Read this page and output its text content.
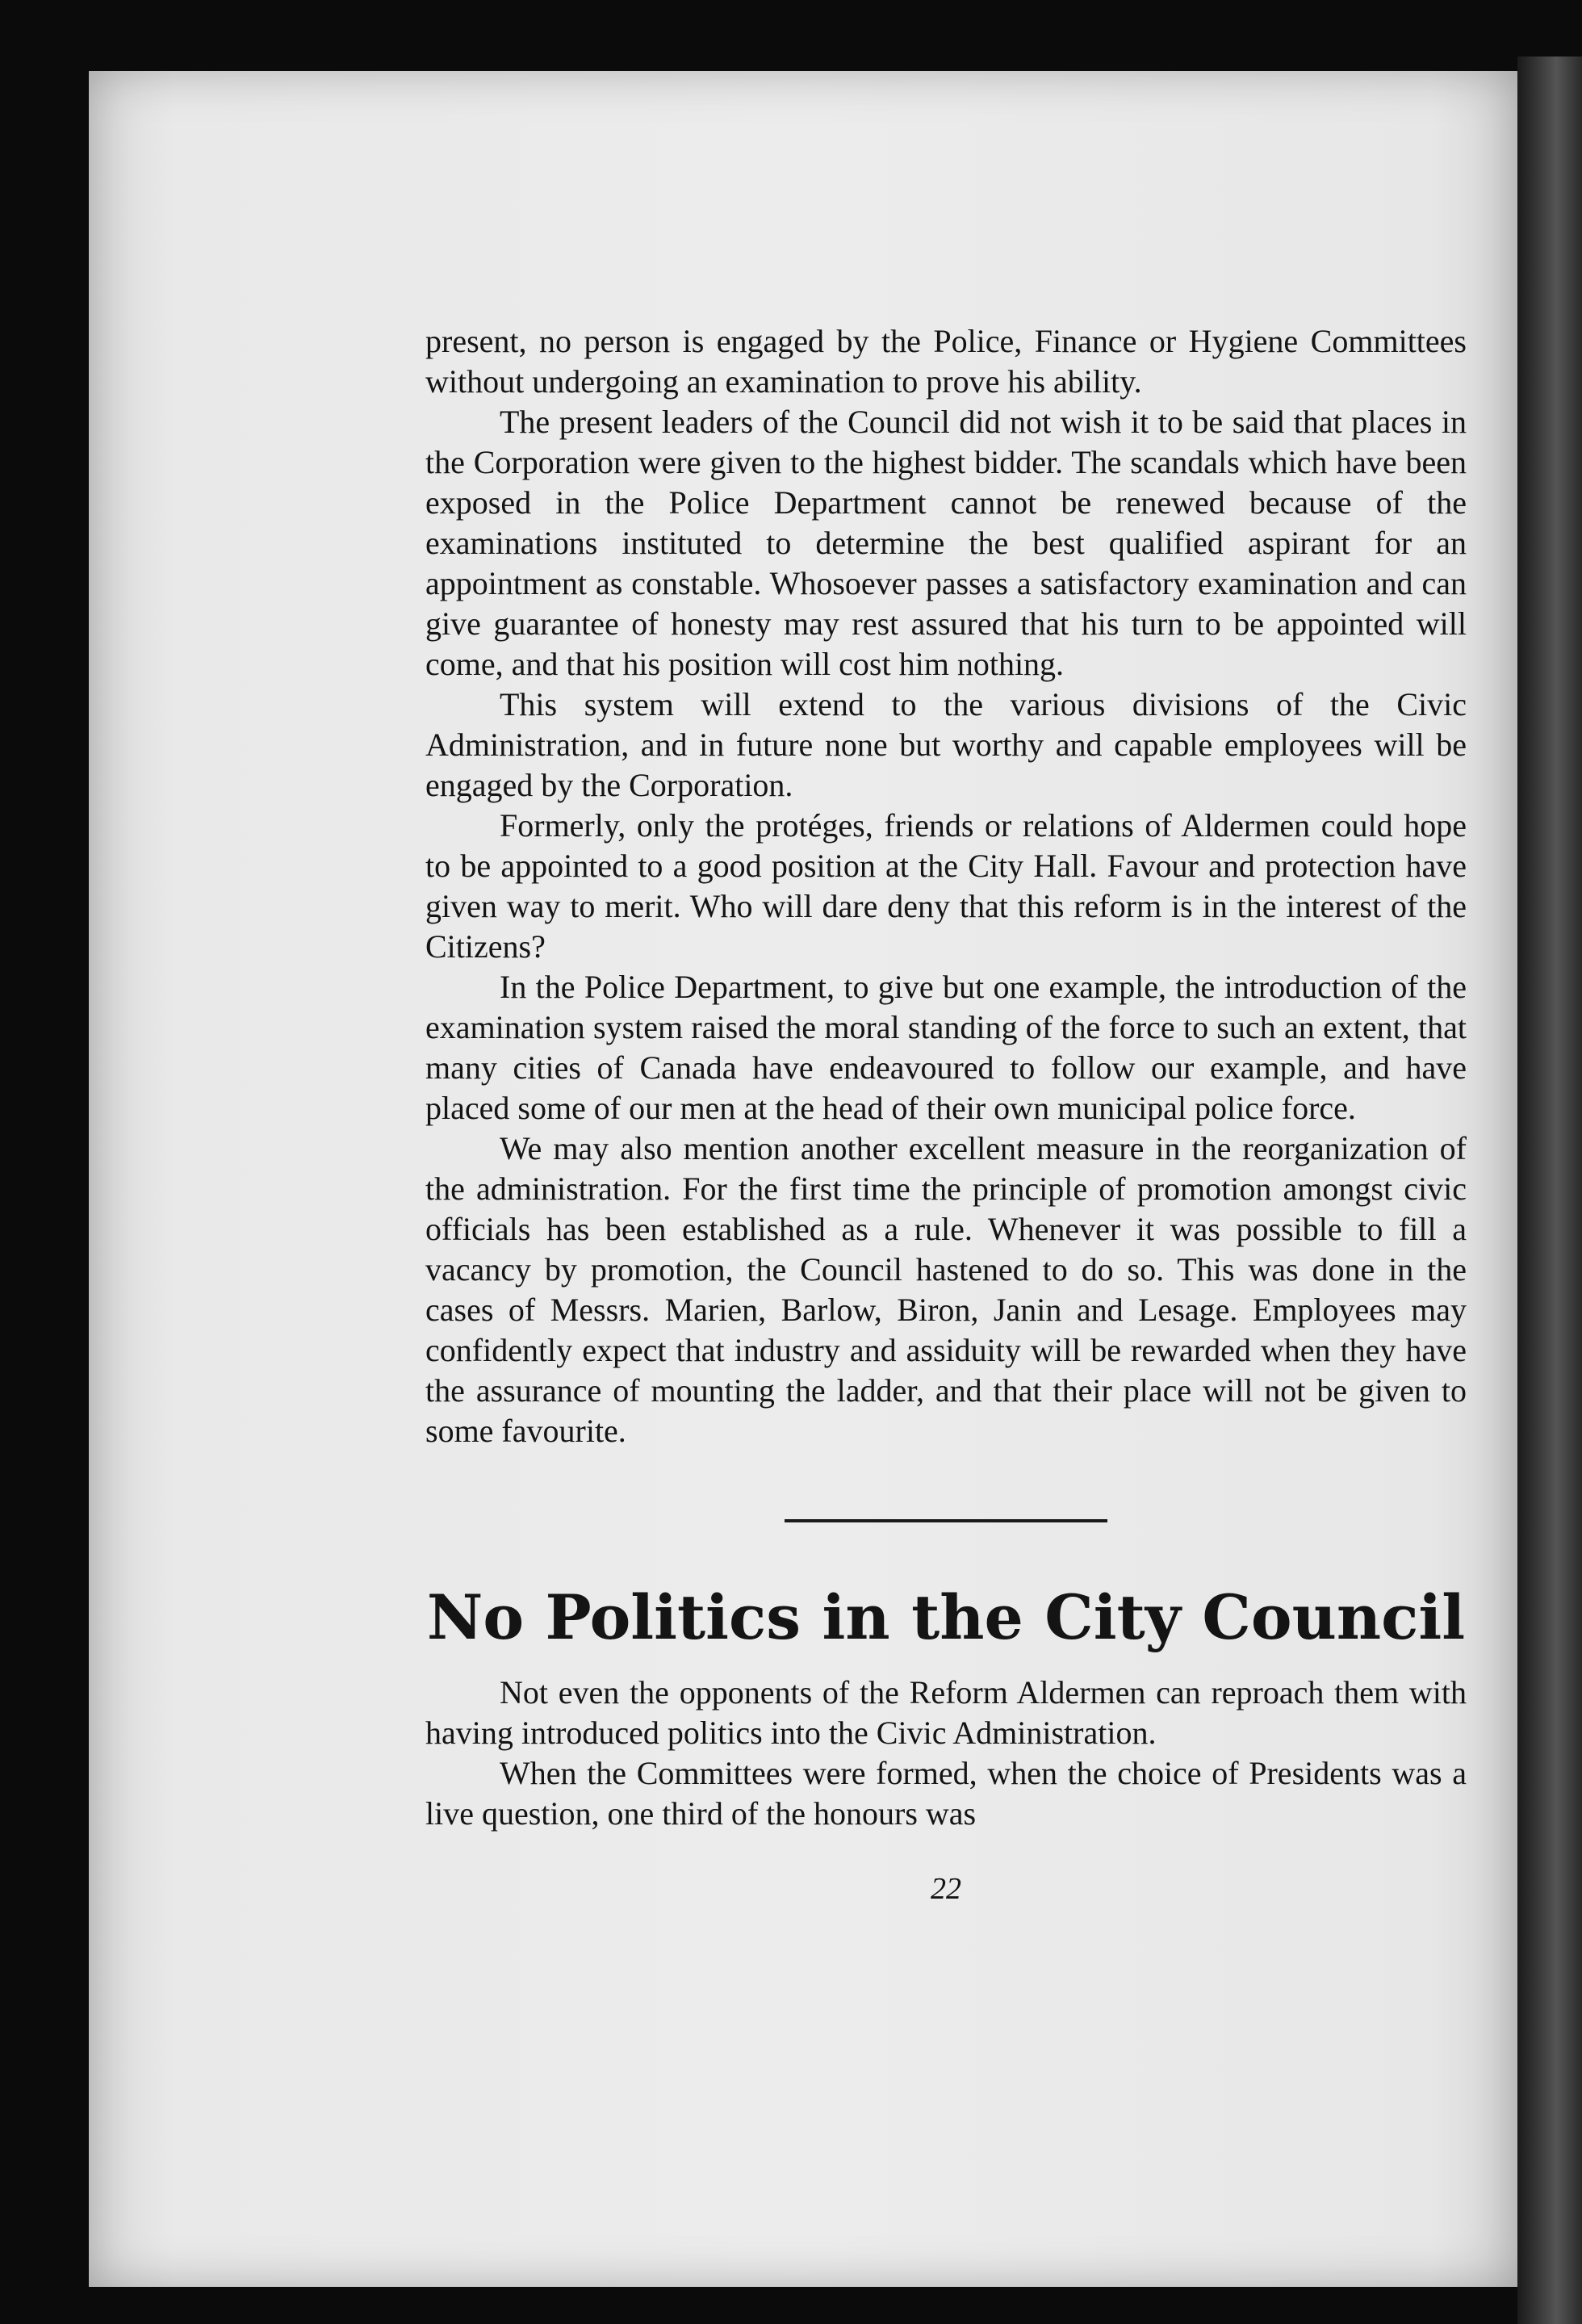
present, no person is engaged by the Police, Finance or Hygiene Committees without undergoing an examination to prove his ability.

The present leaders of the Council did not wish it to be said that places in the Corporation were given to the highest bidder. The scandals which have been exposed in the Police Department cannot be renewed because of the examinations instituted to determine the best qualified aspirant for an appointment as constable. Whosoever passes a satisfactory examination and can give guarantee of honesty may rest assured that his turn to be appointed will come, and that his position will cost him nothing.

This system will extend to the various divisions of the Civic Administration, and in future none but worthy and capable employees will be engaged by the Corporation.

Formerly, only the protéges, friends or relations of Aldermen could hope to be appointed to a good position at the City Hall. Favour and protection have given way to merit. Who will dare deny that this reform is in the interest of the Citizens?

In the Police Department, to give but one example, the introduction of the examination system raised the moral standing of the force to such an extent, that many cities of Canada have endeavoured to follow our example, and have placed some of our men at the head of their own municipal police force.

We may also mention another excellent measure in the reorganization of the administration. For the first time the principle of promotion amongst civic officials has been established as a rule. Whenever it was possible to fill a vacancy by promotion, the Council hastened to do so. This was done in the cases of Messrs. Marien, Barlow, Biron, Janin and Lesage. Employees may confidently expect that industry and assiduity will be rewarded when they have the assurance of mounting the ladder, and that their place will not be given to some favourite.

No Politics in the City Council

Not even the opponents of the Reform Aldermen can reproach them with having introduced politics into the Civic Administration.

When the Committees were formed, when the choice of Presidents was a live question, one third of the honours was

22
